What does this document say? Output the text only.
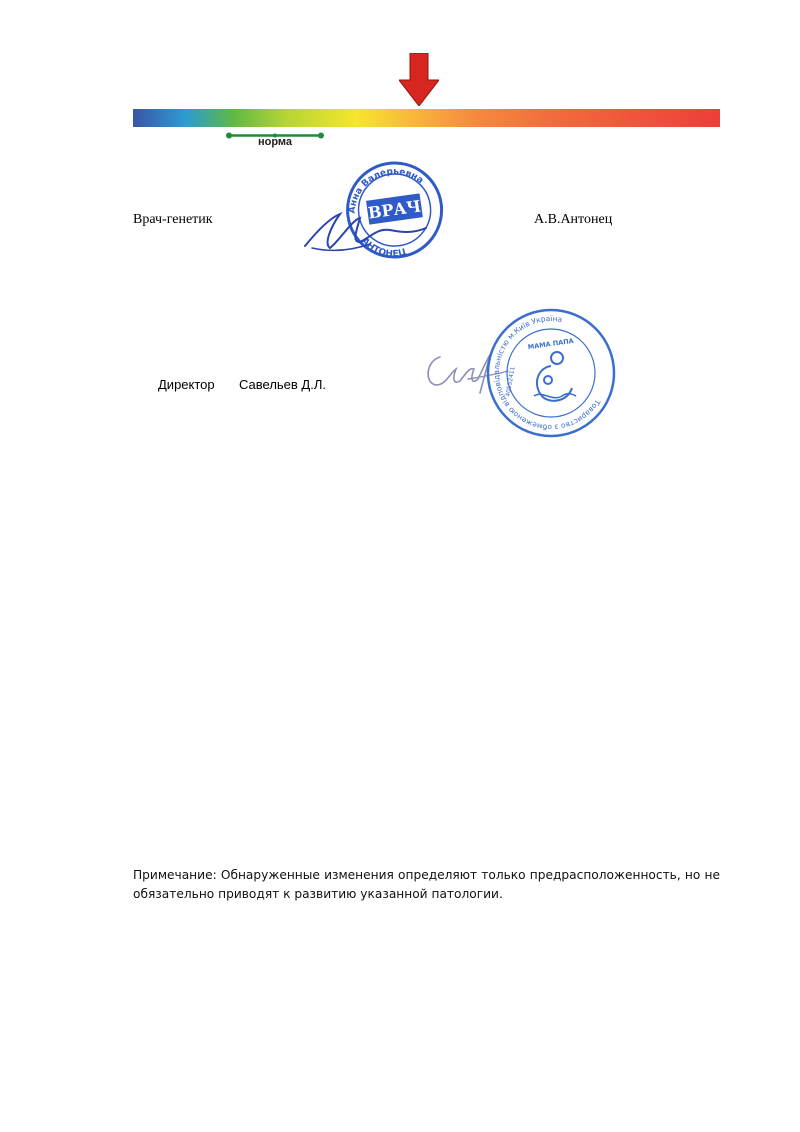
норма
Врач-генетик
Анна Валерьевна
АНТОНЕЦ
ВРАЧ	А.В.Антонец
Директор Савельев Д.Л.
Товариство з обмеженою відповідальністю м.Київ Україна
МАМА ПАПА
40552411
Примечание: Обнаруженные изменения определяют только предрасположенность, но не обязательно приводят к развитию указанной патологии.
